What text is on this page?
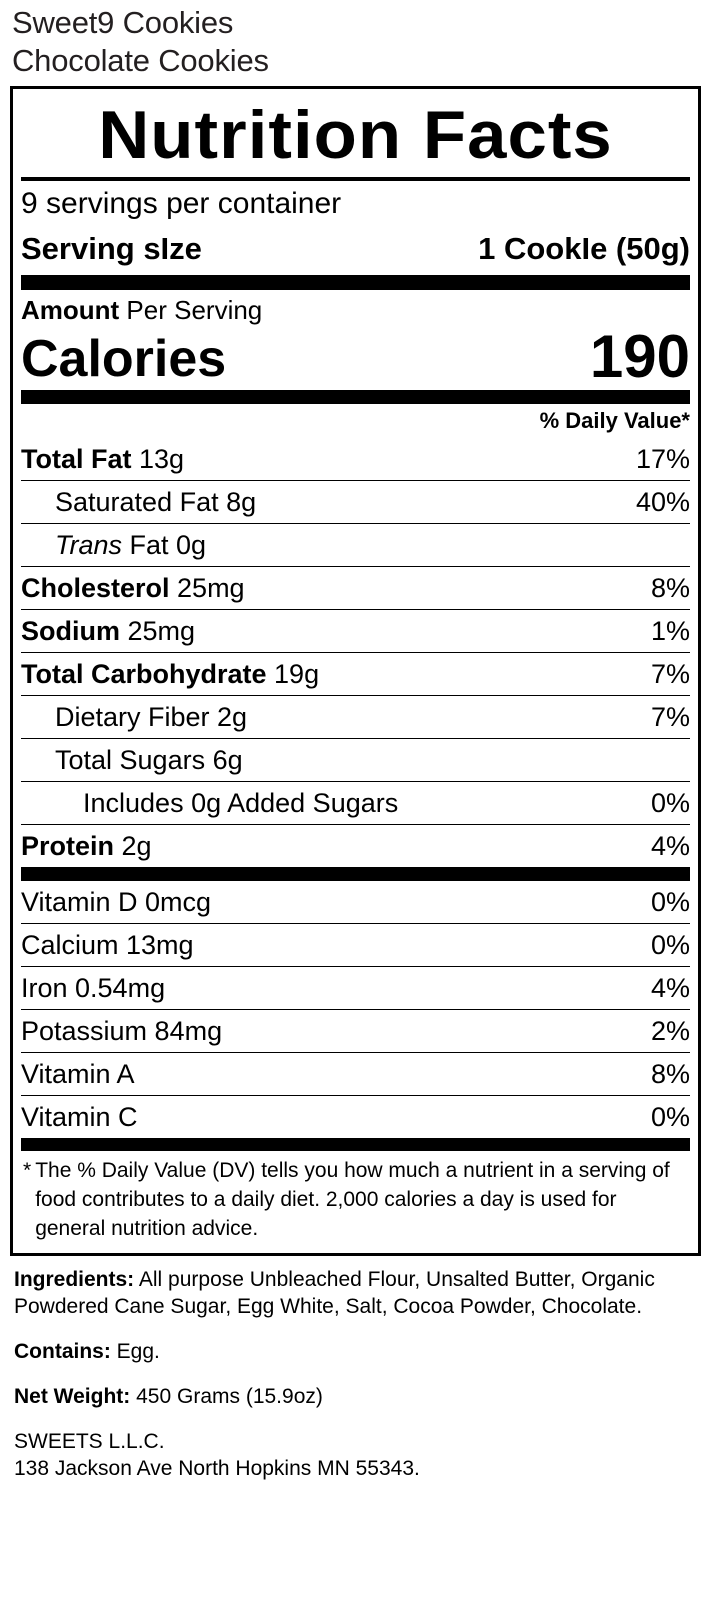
Sweet9 Cookies
Chocolate Cookies
Nutrition Facts
9 servings per container
Serving sIze	1 CookIe (50g)
Amount Per Serving
Calories	190
% Daily Value*
Total Fat 13g	17%
Saturated Fat 8g	40%
Trans Fat 0g
Cholesterol 25mg	8%
Sodium 25mg	1%
Total Carbohydrate 19g	7%
Dietary Fiber 2g	7%
Total Sugars 6g
Includes 0g Added Sugars	0%
Protein 2g	4%
Vitamin D 0mcg	0%
Calcium 13mg	0%
Iron 0.54mg	4%
Potassium 84mg	2%
Vitamin A	8%
Vitamin C	0%
* The % Daily Value (DV) tells you how much a nutrient in a serving of food contributes to a daily diet. 2,000 calories a day is used for general nutrition advice.

Ingredients: All purpose Unbleached Flour, Unsalted Butter, Organic Powdered Cane Sugar, Egg White, Salt, Cocoa Powder, Chocolate.

Contains: Egg.

Net Weight: 450 Grams (15.9oz)

SWEETS L.L.C.
138 Jackson Ave North Hopkins MN 55343.
